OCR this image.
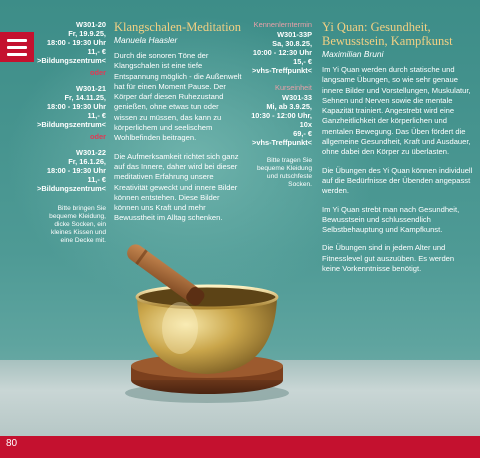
W301-20
Fr, 19.9.25,
18:00 - 19:30 Uhr
11,- €
>Bildungszentrum<
oder
W301-21
Fr, 14.11.25,
18:00 - 19:30 Uhr
11,- €
>Bildungszentrum<
oder
W301-22
Fr, 16.1.26,
18:00 - 19:30 Uhr
11,- €
>Bildungszentrum<
Bitte bringen Sie bequeme Kleidung, dicke Socken, ein kleines Kissen und eine Decke mit.
Klangschalen-Meditation
Manuela Haasler

Durch die sonoren Töne der Klangschalen ist eine tiefe Entspannung möglich - die Außenwelt hat für einen Moment Pause. Der Körper darf diesen Ruhezustand genießen, ohne etwas tun oder wissen zu müssen, das kann zu körperlichem und seelischem Wohlbefinden beitragen.

Die Aufmerksamkeit richtet sich ganz auf das Innere, daher wird bei dieser meditativen Erfahrung unsere Kreativität geweckt und innere Bilder können entstehen. Diese Bilder können uns Kraft und mehr Bewusstheit im Alltag schenken.

Kennenlerntermin
W301-33P
Sa, 30.8.25,
10:00 - 12:30 Uhr
15,- €
>vhs-Treffpunkt<
Kurseinheit
W301-33
Mi, ab 3.9.25,
10:30 - 12:00 Uhr,
10x
69,- €
>vhs-Treffpunkt<
Bitte tragen Sie bequeme Kleidung und rutschfeste Socken.
Yi Quan: Gesundheit, Bewusstsein, Kampfkunst
Maximilian Bruni

Im Yi Quan werden durch statische und langsame Übungen, so wie sehr genaue innere Bilder und Vorstellungen, Muskulatur, Sehnen und Nerven sowie die mentale Kapazität trainiert. Angestrebt wird eine Ganzheitlichkeit der körperlichen und mentalen Bewegung. Das Üben fördert die allgemeine Gesundheit, Kraft und Ausdauer, ohne dabei den Körper zu überlasten.

Die Übungen des Yi Quan können individuell auf die Bedürfnisse der Übenden angepasst werden.

Im Yi Quan strebt man nach Gesundheit, Bewusstsein und schlussendlich Selbstbehauptung und Kampfkunst.

Die Übungen sind in jedem Alter und Fitnesslevel gut auszuüben. Es werden keine Vorkenntnisse benötigt.

80
